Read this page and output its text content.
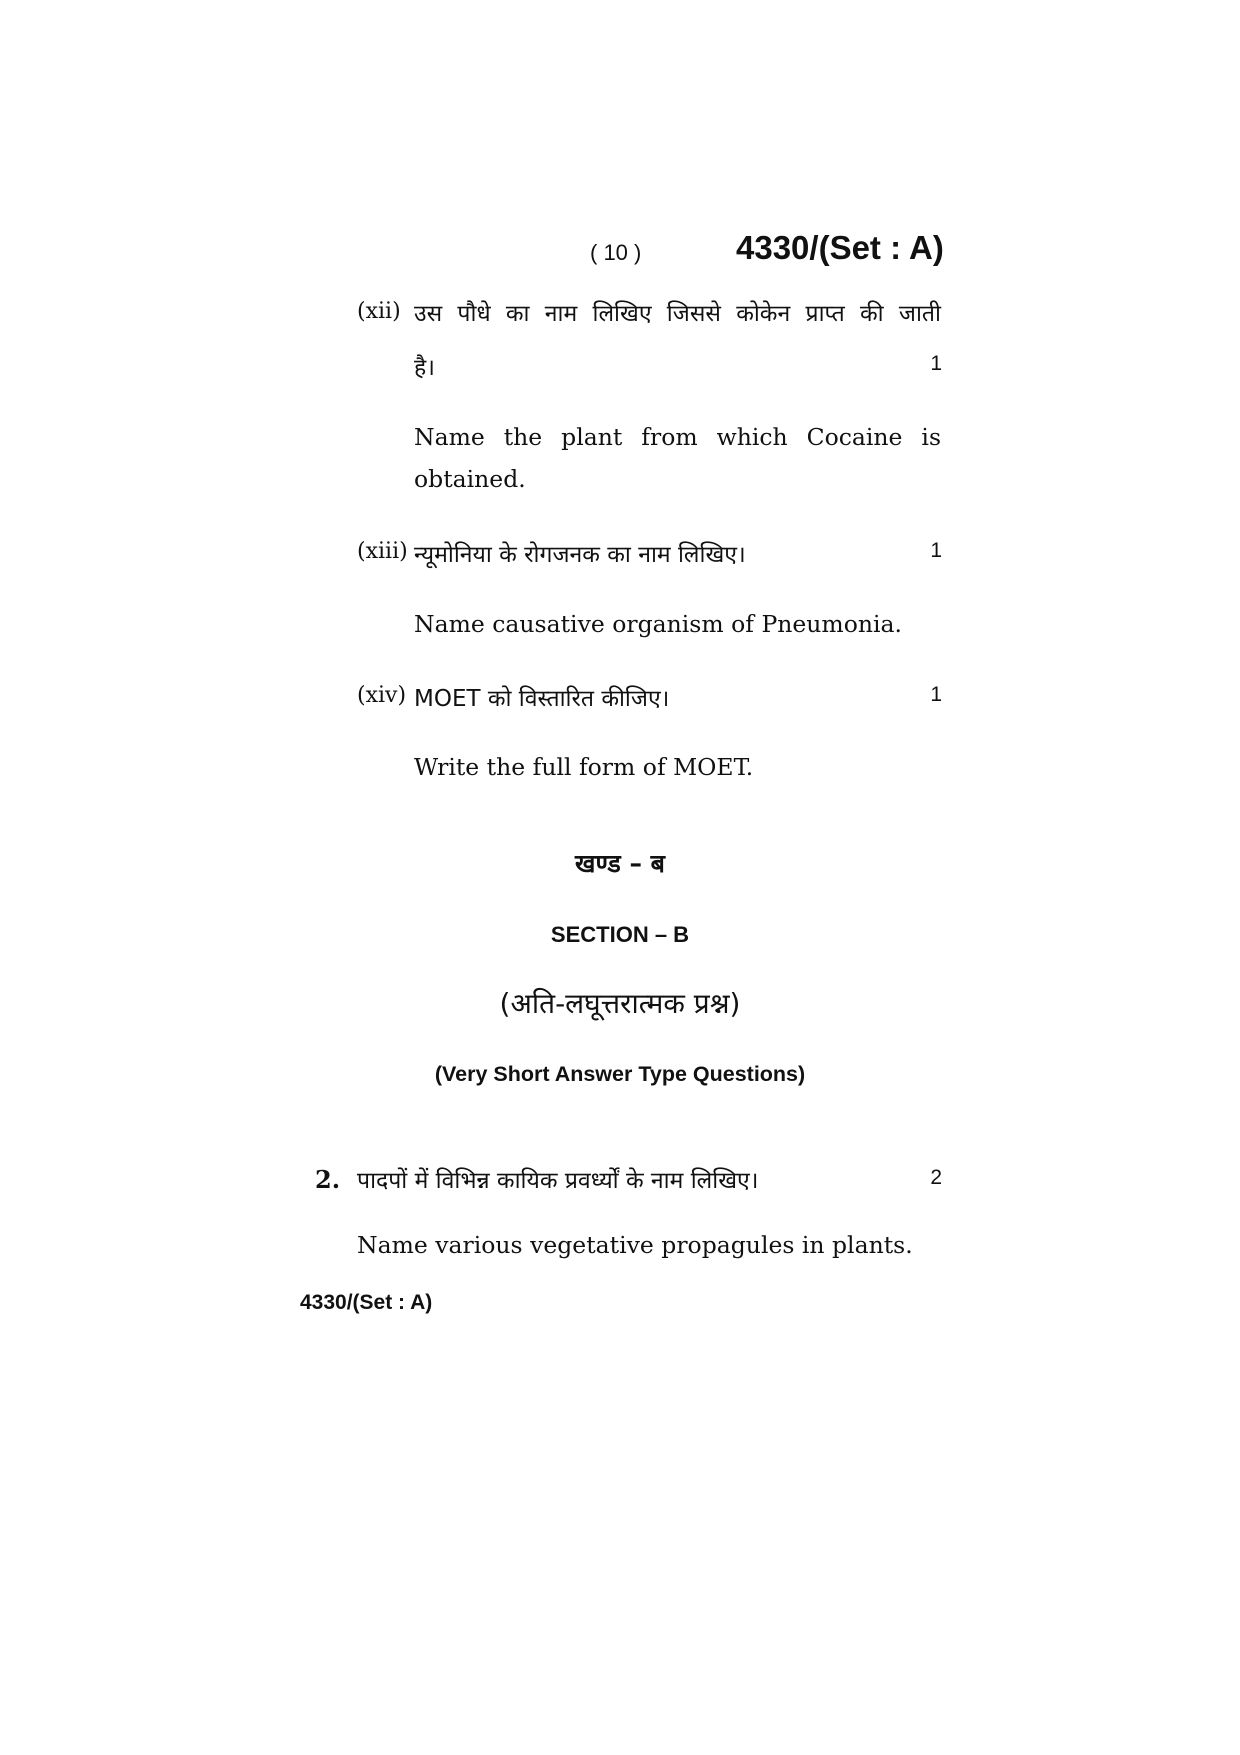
( 10 )	4330/(Set : A)
(xii) उस पौधे का नाम लिखिए जिससे कोकेन प्राप्त की जाती
है।	1
Name the plant from which Cocaine is
obtained.
(xiii) न्यूमोनिया के रोगजनक का नाम लिखिए।	1
Name causative organism of Pneumonia.
(xiv) MOET को विस्तारित कीजिए।	1
Write the full form of MOET.
खण्ड – ब
SECTION – B
(अति-लघूत्तरात्मक प्रश्न)
(Very Short Answer Type Questions)
2. पादपों में विभिन्न कायिक प्रवर्ध्यों के नाम लिखिए।	2
Name various vegetative propagules in plants.
4330/(Set : A)
